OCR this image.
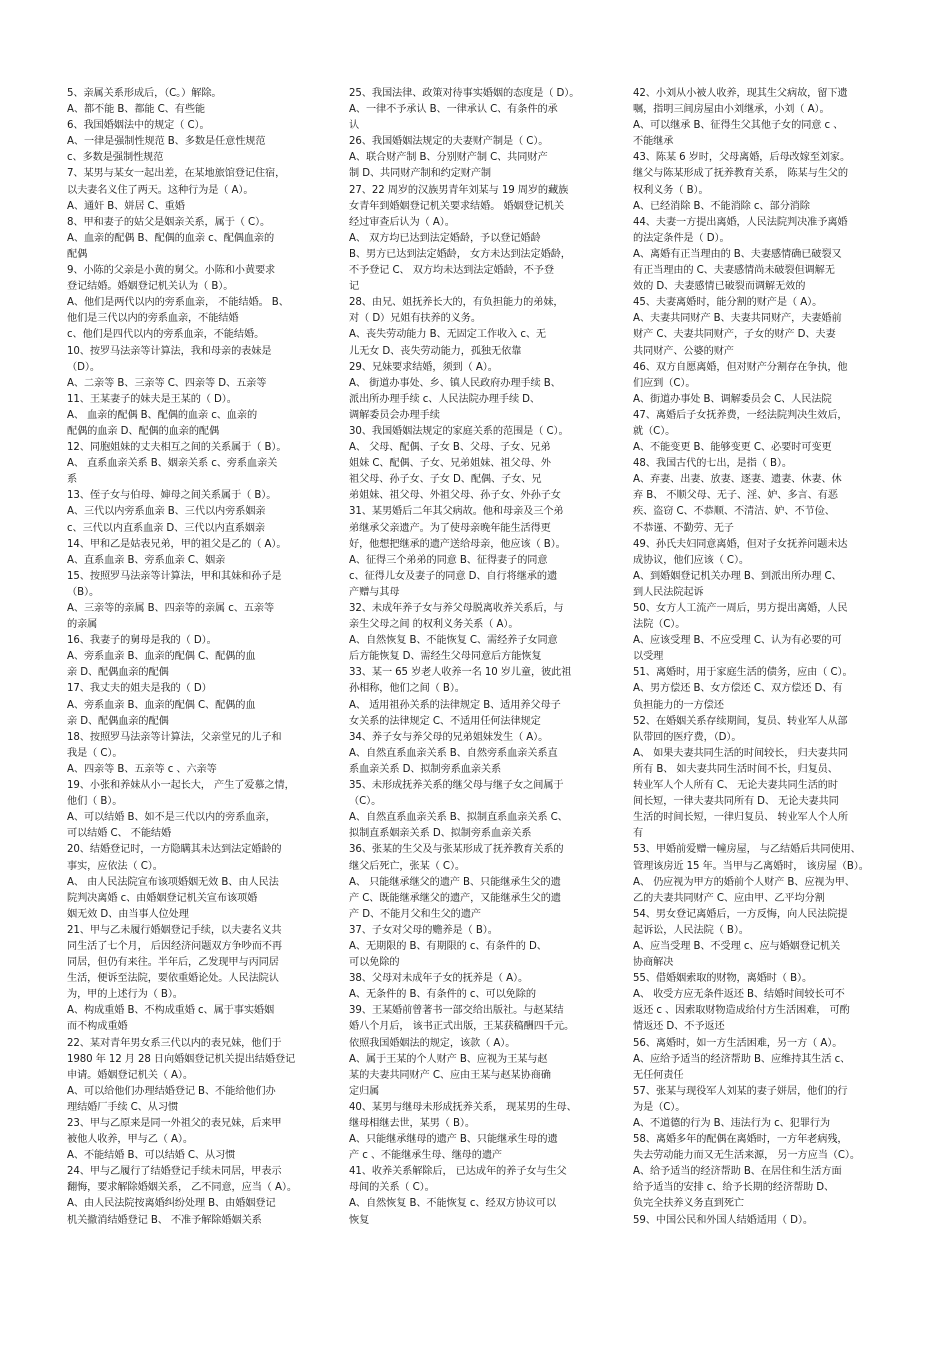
5、亲属关系形成后，（C。）解除。
A、都不能 B、都能 C、有些能
6、我国婚姻法中的规定（ C）。
A、一律是强制性规范 B、多数是任意性规范
c、多数是强制性规范
7、某男与某女一起出差，在某地旅馆登记住宿，
以夫妻名义住了两天。这种行为是（ A）。
A、通奸 B、姘居 C、重婚
8、甲和妻子的姑父是姻亲关系，属于（ C）。
A、血亲的配偶 B、配偶的血亲 c、配偶血亲的
配偶
9、小陈的父亲是小黄的舅父。小陈和小黄要求
登记结婚。婚姻登记机关认为（ B）。
A、他们是两代以内的旁系血亲， 不能结婚。 B、
他们是三代以内的旁系血亲，不能结婚
c、他们是四代以内的旁系血亲，不能结婚。
10、按罗马法亲等计算法，我和母亲的表妹是
（D）。
A、二亲等 B、三亲等 C、四亲等 D、五亲等
11、王某妻子的妹夫是王某的（ D）。
A、 血亲的配偶 B、配偶的血亲 c、血亲的
配偶的血亲 D、配偶的血亲的配偶
12、同胞姐妹的丈夫相互之间的关系属于（ B）。
A、 直系血亲关系 B、姻亲关系 c、旁系血亲关
系
13、侄子女与伯母、婶母之间关系属于（ B）。
A、三代以内旁系血亲 B、三代以内旁系姻亲
c、三代以内直系血亲 D、三代以内直系姻亲
14、甲和乙是姑表兄弟，甲的祖父是乙的（ A）。
A、直系血亲 B、旁系血亲 C、姻亲
15、按照罗马法亲等计算法，甲和其妹和孙子是
（B）。
A、三亲等的亲属 B、四亲等的亲属 c、五亲等
的亲属
16、我妻子的舅母是我的（ D）。
A、旁系血亲 B、血亲的配偶 C、配偶的血
亲 D、配偶血亲的配偶
17、我丈夫的姐夫是我的（ D）
A、旁系血亲 B、血亲的配偶 C、配偶的血
亲 D、配偶血亲的配偶
18、按照罗马法亲等计算法，父亲堂兄的儿子和
我是（ C）。
A、四亲等 B、五亲等 c 、六亲等
19、小张和养妹从小一起长大， 产生了爱慕之情，
他们（ B）。
A、可以结婚 B、如不是三代以内的旁系血亲，
可以结婚 C、 不能结婚
20、结婚登记时，一方隐瞒其未达到法定婚龄的
事实，应依法（ C）。
A、 由人民法院宣布该项婚姻无效 B、由人民法
院判决离婚 c、由婚姻登记机关宣布该项婚
姻无效 D、由当事人位处理
21、甲与乙未履行婚姻登记手续，以夫妻名义共
同生活了七个月， 后因经济问题双方争吵而不再
同居，但仍有来往。半年后，乙发现甲与丙同居
生活，便诉至法院，要依重婚论处。人民法院认
为，甲的上述行为（ B）。
A、构成重婚 B、不构成重婚 c、属于事实婚姻
而不构成重婚
22、某对青年男女系三代以内的表兄妹，他们于
1980 年 12 月 28 日向婚姻登记机关提出结婚登记
申请。婚姻登记机关（ A）。
A、可以给他们办理结婚登记 B、不能给他们办
理结婚厂手续 C、从习惯
23、甲与乙原来是同一外祖父的表兄妹，后来甲
被他人收养，甲与乙（ A）。
A、不能结婚 B、可以结婚 C、从习惯
24、甲与乙履行了结婚登记手续未同居，甲表示
翻悔，要求解除婚姻关系， 乙不同意，应当（ A）。
A、由人民法院按离婚纠纷处理 B、由婚姻登记
机关撤消结婚登记 B、 不准予解除婚姻关系
25、我国法律、政策对待事实婚姻的态度是（ D）。
A、一律不予承认 B、一律承认 C、有条件的承
认
26、我国婚姻法规定的夫妻财产制是（ C）。
A、联合财产制 B、分别财产制 C、共同财产
制 D、共同财产制和约定财产制
27、22 周岁的汉族男青年刘某与 19 周岁的藏族
女青年到婚姻登记机关要求结婚。 婚姻登记机关
经过审查后认为（ A）。
A、 双方均已达到法定婚龄，予以登记婚龄
B、男方已达到法定婚龄， 女方未达到法定婚龄，
不予登记 C、 双方均未达到法定婚龄，不予登
记
28、由兄、姐抚养长大的，有负担能力的弟妹，
对（ D）兄姐有扶养的义务。
A、丧失劳动能力 B、无固定工作收入 c、无
儿无女 D、丧失劳动能力，孤独无依靠
29、兄妹要求结婚，须到（ A）。
A、 街道办事处、乡、镇人民政府办理手续 B、
派出所办理手续 c、人民法院办理手续 D、
调解委员会办理手续
30、我国婚姻法规定的家庭关系的范围是（ C）。
A、 父母、配偶、子女 B、父母、子女、兄弟
姐妹 C、配偶、子女、兄弟姐妹、祖父母、外
祖父母、孙子女、子女 D、配偶、子女、兄
弟姐妹、祖父母、外祖父母、孙子女、外孙子女
31、某男婚后二年其父病故。他和母亲及三个弟
弟继承父亲遗产。为了使母亲晚年能生活得更
好，他想把继承的遗产送给母亲，他应该（ B）。
A、征得三个弟弟的同意 B、征得妻子的同意
c、征得儿女及妻子的同意 D、自行将继承的遗
产赠与其母
32、未成年养子女与养父母脱离收养关系后，与
亲生父母之间 的权利义务关系（ A）。
A、自然恢复 B、不能恢复 C、需经养子女同意
后方能恢复 D、需经生父母同意后方能恢复
33、某一 65 岁老人收养一名 10 岁儿童，彼此祖
孙相称，他们之间（ B）。
A、 适用祖孙关系的法律规定 B、适用养父母子
女关系的法律规定 C、不适用任何法律规定
34、养子女与养父母的兄弟姐妹发生（ A）。
A、自然直系血亲关系 B、自然旁系血亲关系直
系血亲关系 D、拟制旁系血亲关系
35、未形成抚养关系的继父母与继子女之间属于
（C）。
A、自然直系血亲关系 B、拟制直系血亲关系 C、
拟制直系姻亲关系 D、拟制旁系血亲关系
36、张某的生父及与张某形成了抚养教育关系的
继父后死亡，张某（ C）。
A、 只能继承继父的遗产 B、只能继承生父的遗
产 C、既能继承继父的遗产，又能继承生父的遗
产 D、不能月父和生父的遗产
37、子女对父母的赡养是（ B）。
A、无期限的 B、有期限的 c、有条件的 D、
可以免除的
38、父母对未成年子女的抚养是（ A）。
A、无条件的 B、有条件的 c、可以免除的
39、王某婚前曾著书一部交给出版社。与赵某结
婚八个月后， 该书正式出版，王某获稿酬四千元。
依照我国婚姻法的规定，该款（ A）。
A、属于王某的个人财产 B、应视为王某与赵
某的夫妻共同财产 C、应由王某与赵某协商确
定归属
40、某男与继母未形成抚养关系， 现某男的生母、
继母相继去世，某男（ B）。
A、只能继承继母的遗产 B、只能继承生母的遗
产 c 、不能继承生母、继母的遗产
41、收养关系解除后， 已达成年的养子女与生父
母间的关系（ C）。
A、自然恢复 B、不能恢复 c、经双方协议可以
恢复
42、小刘从小被人收养，现其生父病故，留下遗
嘱，指明三间房屋由小刘继承，小刘（ A）。
A、可以继承 B、征得生父其他子女的同意 c 、
不能继承
43、陈某 6 岁时，父母离婚，后母改嫁至刘家。
继父与陈某形成了抚养教育关系， 陈某与生父的
权利义务（ B）。
A、已经消除 B、不能消除 c、部分消除
44、夫妻一方提出离婚，人民法院判决准予离婚
的法定条件是（ D）。
A、离婚有正当理由的 B、夫妻感情确已破裂又
有正当理由的 C、夫妻感情尚未破裂但调解无
效的 D、夫妻感情已破裂而调解无效的
45、夫妻离婚时，能分割的财产是（ A）。
A、夫妻共同财产 B、夫妻共同财产，夫妻婚前
财产 C、夫妻共同财产，子女的财产 D、夫妻
共同财产、公婆的财产
46、双方自愿离婚，但对财产分割存在争执，他
们应到（C）。
A、街道办事处 B、调解委员会 C、人民法院
47、离婚后子女抚养费，一经法院判决生效后，
就（C）。
A、不能变更 B、能够变更 C、必要时可变更
48、我国古代的七出，是指（ B）。
A、弃妻、出妻、放妻、逐妻、遗妻、休妻、休
弃 B、 不顺父母、无子、淫、妒、多言、有恶
疾、盗窃 C、不恭顺、不清洁、妒、不节俭、
不恭谨、不勤劳、无子
49、孙氏夫妇同意离婚，但对子女抚养问题未达
成协议，他们应该（ C）。
A、到婚姻登记机关办理 B、到派出所办理 C、
到人民法院起诉
50、女方人工流产一周后，男方提出离婚，人民
法院（C）。
A、应该受理 B、不应受理 C、认为有必要的可
以受理
51、离婚时，用于家庭生活的债务，应由（ C）。
A、男方偿还 B、女方偿还 C、双方偿还 D、有
负担能力的一方偿还
52、在婚姻关系存续期间，复员、转业军人从部
队带回的医疗费，（D）。
A、 如果夫妻共同生活的时间较长， 归夫妻共同
所有 B、 如夫妻共同生活时间不长，归复员、
转业军人个人所有 C、 无论夫妻共同生活的时
间长短，一律夫妻共同所有 D、 无论夫妻共同
生活的时间长短，一律归复员、 转业军人个人所
有
53、甲婚前爱赠一幢房屋， 与乙结婚后共同使用、
管理该房近 15 年。当甲与乙离婚时， 该房屋（B）。
A、 仍应视为甲方的婚前个人财产 B、应视为甲、
乙的夫妻共同财产 C、应由甲、乙平均分割
54、男女登记离婚后，一方反悔，向人民法院提
起诉讼，人民法院（ B）。
A、应当受理 B、不受理 c、应与婚姻登记机关
协商解决
55、借婚姻索取的财物，离婚时（ B）。
A、 收受方应无条件返还 B、结婚时间较长可不
返还 c 、因索取财物造成给付方生活困难， 可酌
情返还 D、不予返还
56、离婚时，如一方生活困难，另一方（ A）。
A、应给予适当的经济帮助 B、应维持其生活 c、
无任何责任
57、张某与现役军人刘某的妻子姘居，他们的行
为是（C）。
A、不道德的行为 B、违法行为 c、犯罪行为
58、离婚多年的配偶在离婚时，一方年老病残，
失去劳动能力而又无生活来源， 另一方应当（C）。
A、给予适当的经济帮助 B、在居住和生活方面
给予适当的安排 c、给予长期的经济帮助 D、
负完全扶养义务直到死亡
59、中国公民和外国人结婚适用（ D）。
